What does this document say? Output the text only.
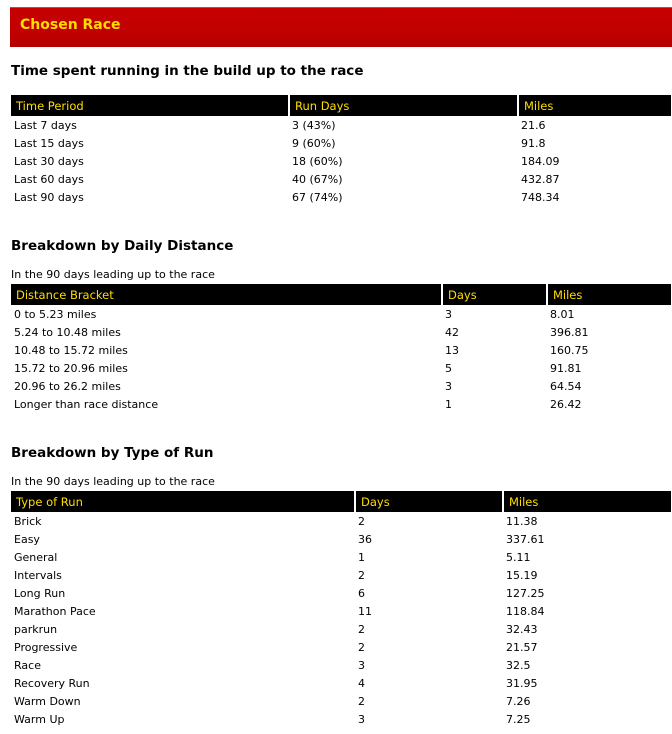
Chosen Race
Time spent running in the build up to the race
Time Period	Run Days	Miles
Last 7 days	3 (43%)	21.6
Last 15 days	9 (60%)	91.8
Last 30 days	18 (60%)	184.09
Last 60 days	40 (67%)	432.87
Last 90 days	67 (74%)	748.34
Breakdown by Daily Distance
In the 90 days leading up to the race
Distance Bracket	Days	Miles
0 to 5.23 miles	3	8.01
5.24 to 10.48 miles	42	396.81
10.48 to 15.72 miles	13	160.75
15.72 to 20.96 miles	5	91.81
20.96 to 26.2 miles	3	64.54
Longer than race distance	1	26.42
Breakdown by Type of Run
In the 90 days leading up to the race
Type of Run	Days	Miles
Brick	2	11.38
Easy	36	337.61
General	1	5.11
Intervals	2	15.19
Long Run	6	127.25
Marathon Pace	11	118.84
parkrun	2	32.43
Progressive	2	21.57
Race	3	32.5
Recovery Run	4	31.95
Warm Down	2	7.26
Warm Up	3	7.25
